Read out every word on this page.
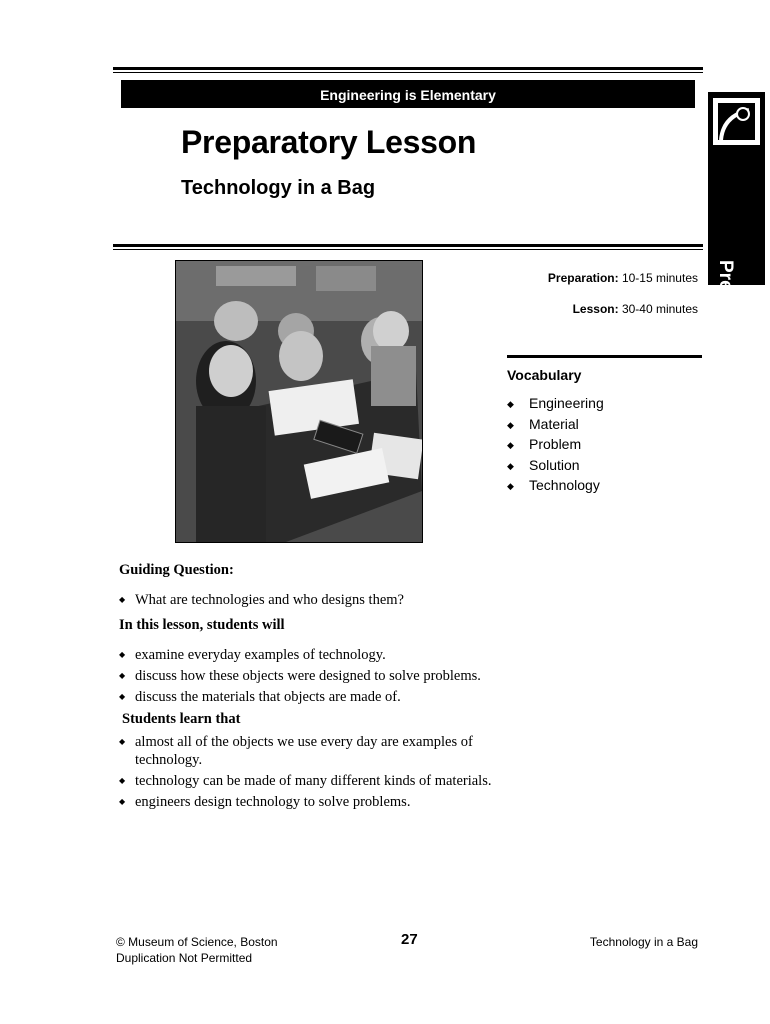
Engineering is Elementary
Preparatory Lesson
Technology in a Bag
Prep Lesson
Preparation: 10-15 minutes
Lesson: 30-40 minutes
Vocabulary
◆ Engineering
◆ Material
◆ Problem
◆ Solution
◆ Technology
Guiding Question:
◆ What are technologies and who designs them?
In this lesson, students will
◆ examine everyday examples of technology.
◆ discuss how these objects were designed to solve problems.
◆ discuss the materials that objects are made of.
Students learn that
◆ almost all of the objects we use every day are examples of technology.
◆ technology can be made of many different kinds of materials.
◆ engineers design technology to solve problems.
© Museum of Science, Boston
Duplication Not Permitted
27	Technology in a Bag
